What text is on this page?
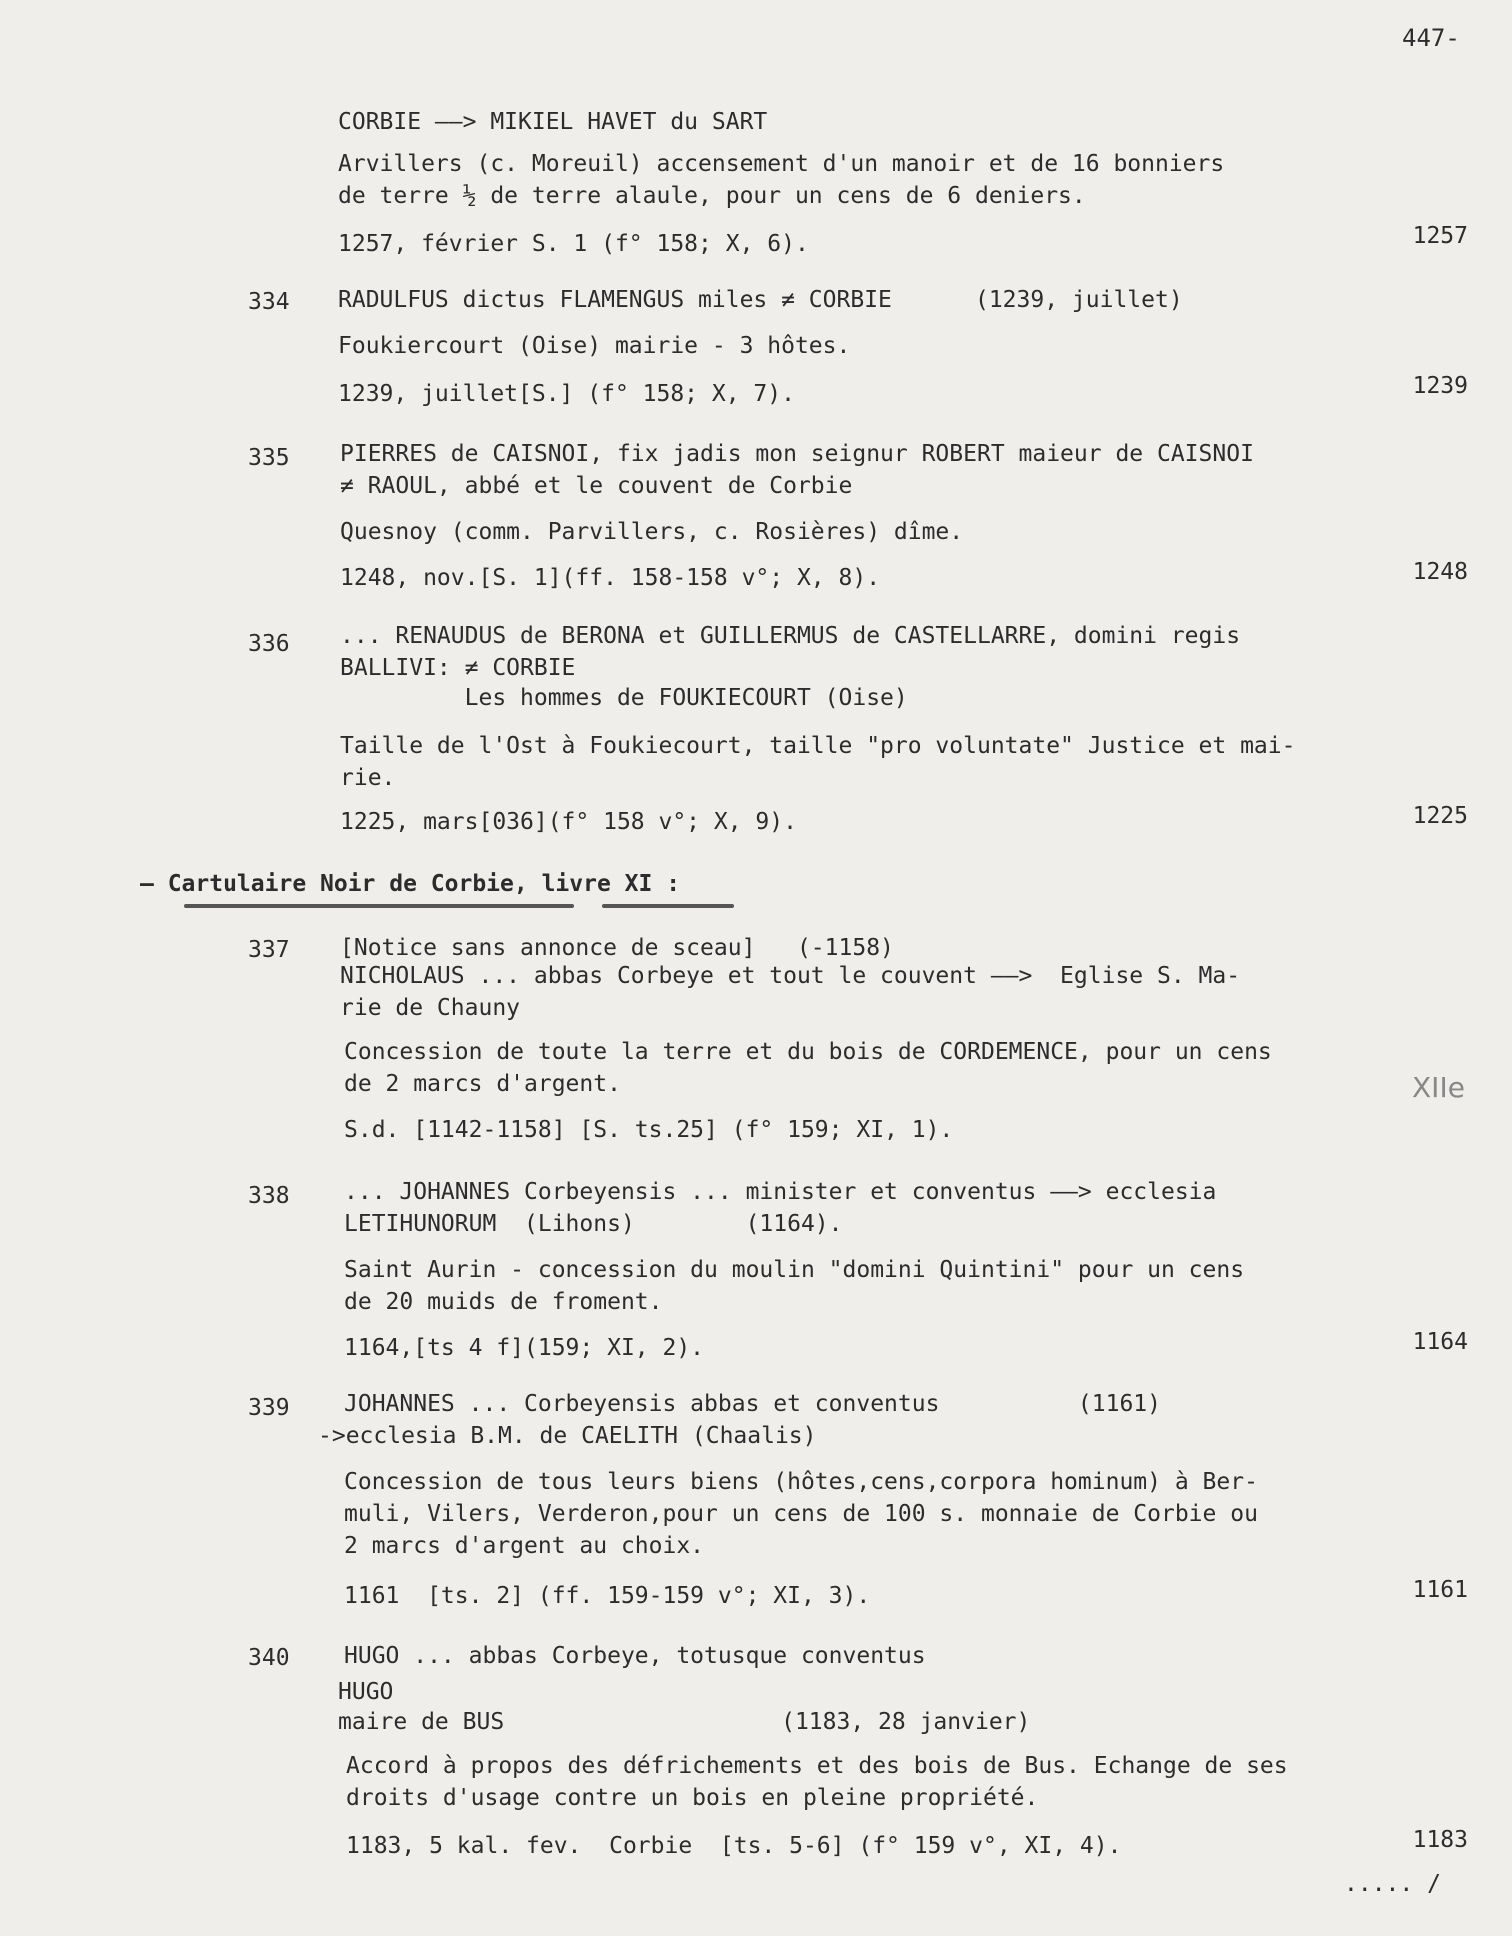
447-
CORBIE ——> MIKIEL HAVET du SART
Arvillers (c. Moreuil) accensement d'un manoir et de 16 bonniers
de terre ½ de terre alaule, pour un cens de 6 deniers.
1257, février S. 1 (f° 158; X, 6).	1257
334 RADULFUS dictus FLAMENGUS miles ≠ CORBIE      (1239, juillet)
Foukiercourt (Oise) mairie - 3 hôtes.
1239, juillet[S.] (f° 158; X, 7).	1239
335 PIERRES de CAISNOI, fix jadis mon seignur ROBERT maieur de CAISNOI
≠ RAOUL, abbé et le couvent de Corbie
Quesnoy (comm. Parvillers, c. Rosières) dîme.
1248, nov.[S. 1](ff. 158-158 v°; X, 8).	1248
336 ... RENAUDUS de BERONA et GUILLERMUS de CASTELLARRE, domini regis
BALLIVI: ≠ CORBIE
Les hommes de FOUKIECOURT (Oise)
Taille de l'Ost à Foukiecourt, taille "pro voluntate" Justice et mai-
rie.
1225, mars[036](f° 158 v°; X, 9).	1225
— Cartulaire Noir de Corbie, livre XI :
337 [Notice sans annonce de sceau]   (-1158)
NICHOLAUS ... abbas Corbeye et tout le couvent ——>  Eglise S. Ma-
rie de Chauny
Concession de toute la terre et du bois de CORDEMENCE, pour un cens
de 2 marcs d'argent.
S.d. [1142-1158] [S. ts.25] (f° 159; XI, 1).
XIIe
338 ... JOHANNES Corbeyensis ... minister et conventus ——> ecclesia
LETIHUNORUM  (Lihons)        (1164).
Saint Aurin - concession du moulin "domini Quintini" pour un cens
de 20 muids de froment.
1164,[ts 4 f](159; XI, 2).	1164
339 JOHANNES ... Corbeyensis abbas et conventus          (1161)
->ecclesia B.M. de CAELITH (Chaalis)
Concession de tous leurs biens (hôtes,cens,corpora hominum) à Ber-
muli, Vilers, Verderon,pour un cens de 100 s. monnaie de Corbie ou
2 marcs d'argent au choix.
1161  [ts. 2] (ff. 159-159 v°; XI, 3).	1161
340 HUGO ... abbas Corbeye, totusque conventus
HUGO
maire de BUS                    (1183, 28 janvier)
Accord à propos des défrichements et des bois de Bus. Echange de ses
droits d'usage contre un bois en pleine propriété.
1183, 5 kal. fev.  Corbie  [ts. 5-6] (f° 159 v°, XI, 4).	1183
..... /
